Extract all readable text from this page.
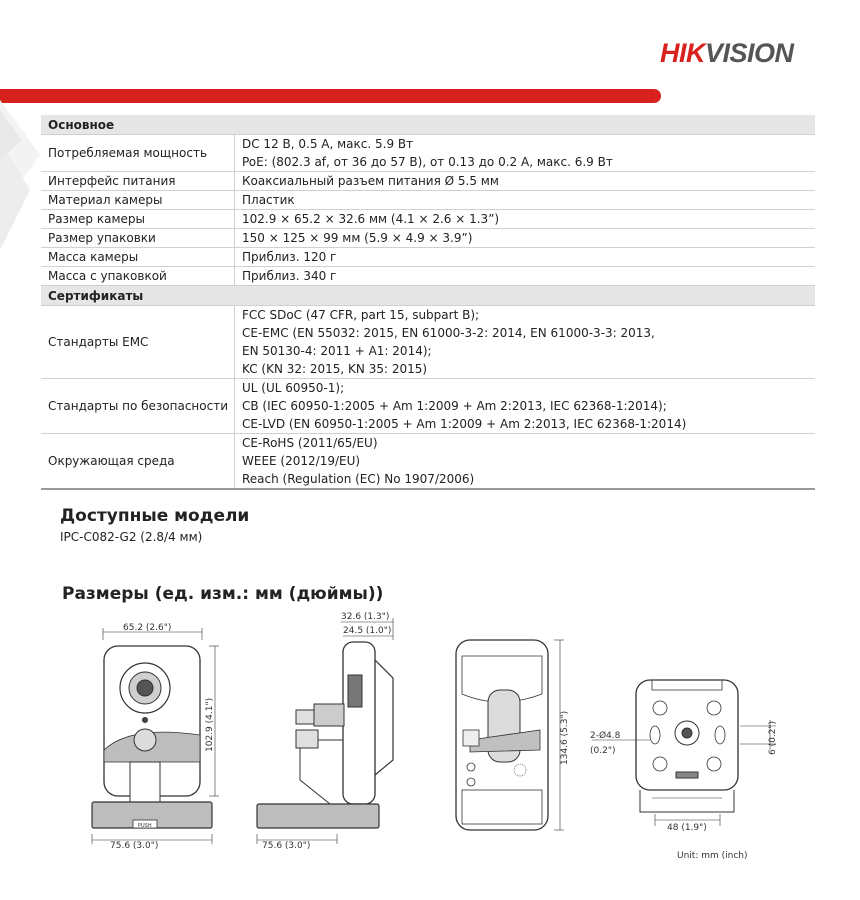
HIKVISION
Основное	
Потребляемая мощность	DC 12 В, 0.5 А, макс. 5.9 Вт
PoE: (802.3 af, от 36 до 57 В), от 0.13 до 0.2 А, макс. 6.9 Вт

Интерфейс питания	Коаксиальный разъем питания Ø 5.5 мм

Материал камеры	Пластик

Размер камеры	102.9 × 65.2 × 32.6 мм (4.1 × 2.6 × 1.3”)

Размер упаковки	150 × 125 × 99 мм (5.9 × 4.9 × 3.9”)

Масса камеры	Приблиз. 120 г

Масса с упаковкой	Приблиз. 340 г

Сертификаты	
Стандарты EMC	FCC SDoC (47 CFR, part 15, subpart B);
CE-EMC (EN 55032: 2015, EN 61000-3-2: 2014, EN 61000-3-3: 2013,
EN 50130-4: 2011 + A1: 2014);
KC (KN 32: 2015, KN 35: 2015)

Стандарты по безопасности	UL (UL 60950-1);
CB (IEC 60950-1:2005 + Am 1:2009 + Am 2:2013, IEC 62368-1:2014);
CE-LVD (EN 60950-1:2005 + Am 1:2009 + Am 2:2013, IEC 62368-1:2014)

Окружающая среда	CE-RoHS (2011/65/EU)
WEEE (2012/19/EU)
Reach (Regulation (EC) No 1907/2006)
Доступные модели
IPC-C082-G2 (2.8/4 мм)
Размеры (ед. изм.: мм (дюймы))
65.2 (2.6")
PUSH
75.6 (3.0")
102.9 (4.1")
32.6 (1.3")
24.5 (1.0")
75.6 (3.0")
134.6 (5.3")
48 (1.9")
2-Ø4.8
(0.2")	6 (0.2")
Unit: mm (inch)
